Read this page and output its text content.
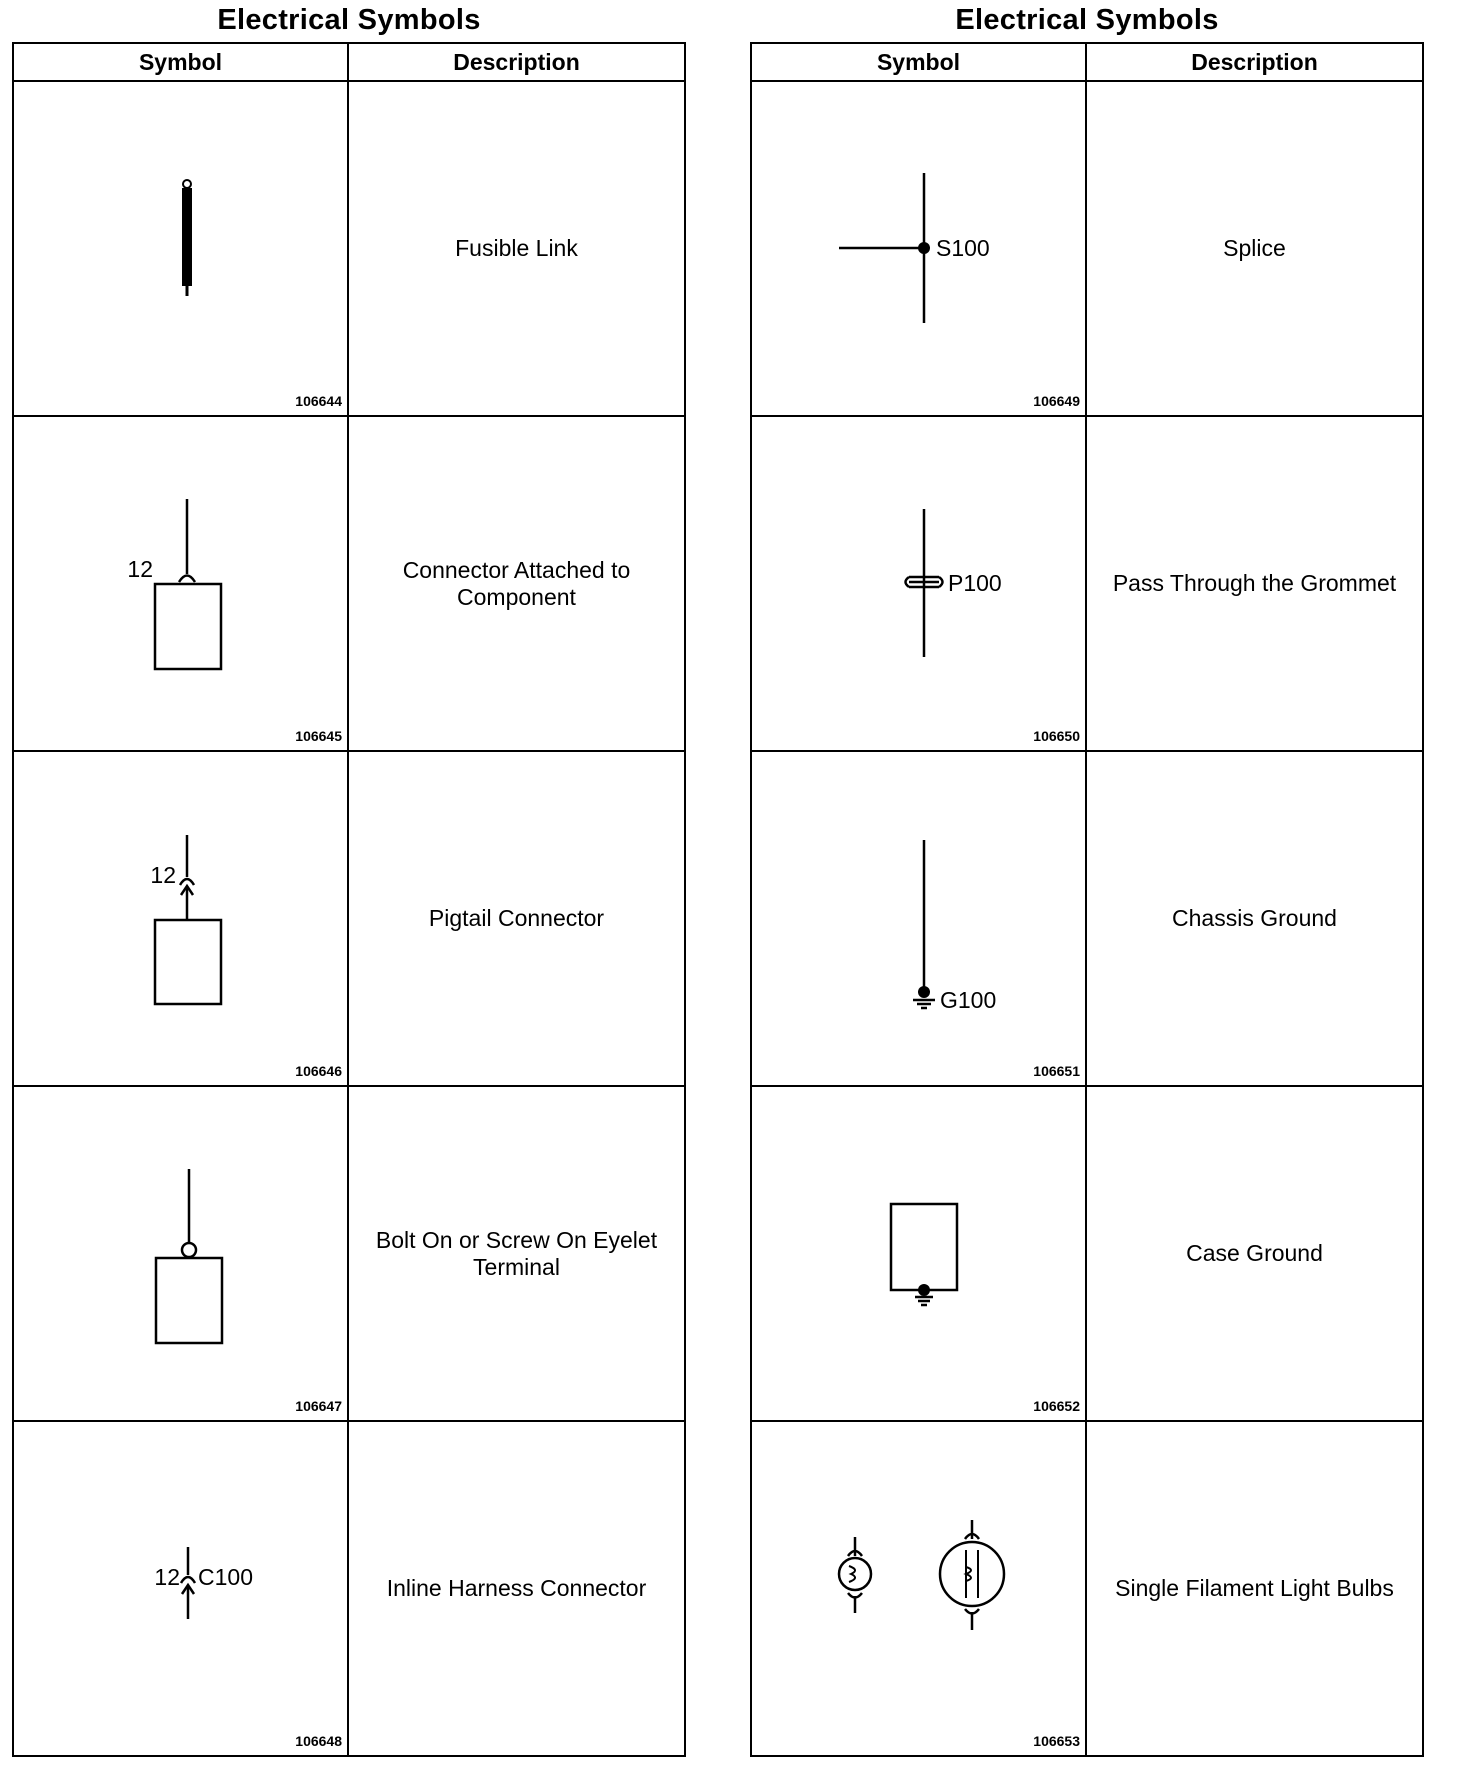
Electrical Symbols
Symbol	Description

106644	Fusible Link

12
106645	Connector Attached to Component

12
106646	Pigtail Connector

106647	Bolt On or Screw On Eyelet Terminal

12 C100
106648	Inline Harness Connector
Electrical Symbols
Symbol	Description

S100
106649	Splice

P100
106650	Pass Through the Grommet

G100
106651	Chassis Ground

106652	Case Ground

106653	Single Filament Light Bulbs
